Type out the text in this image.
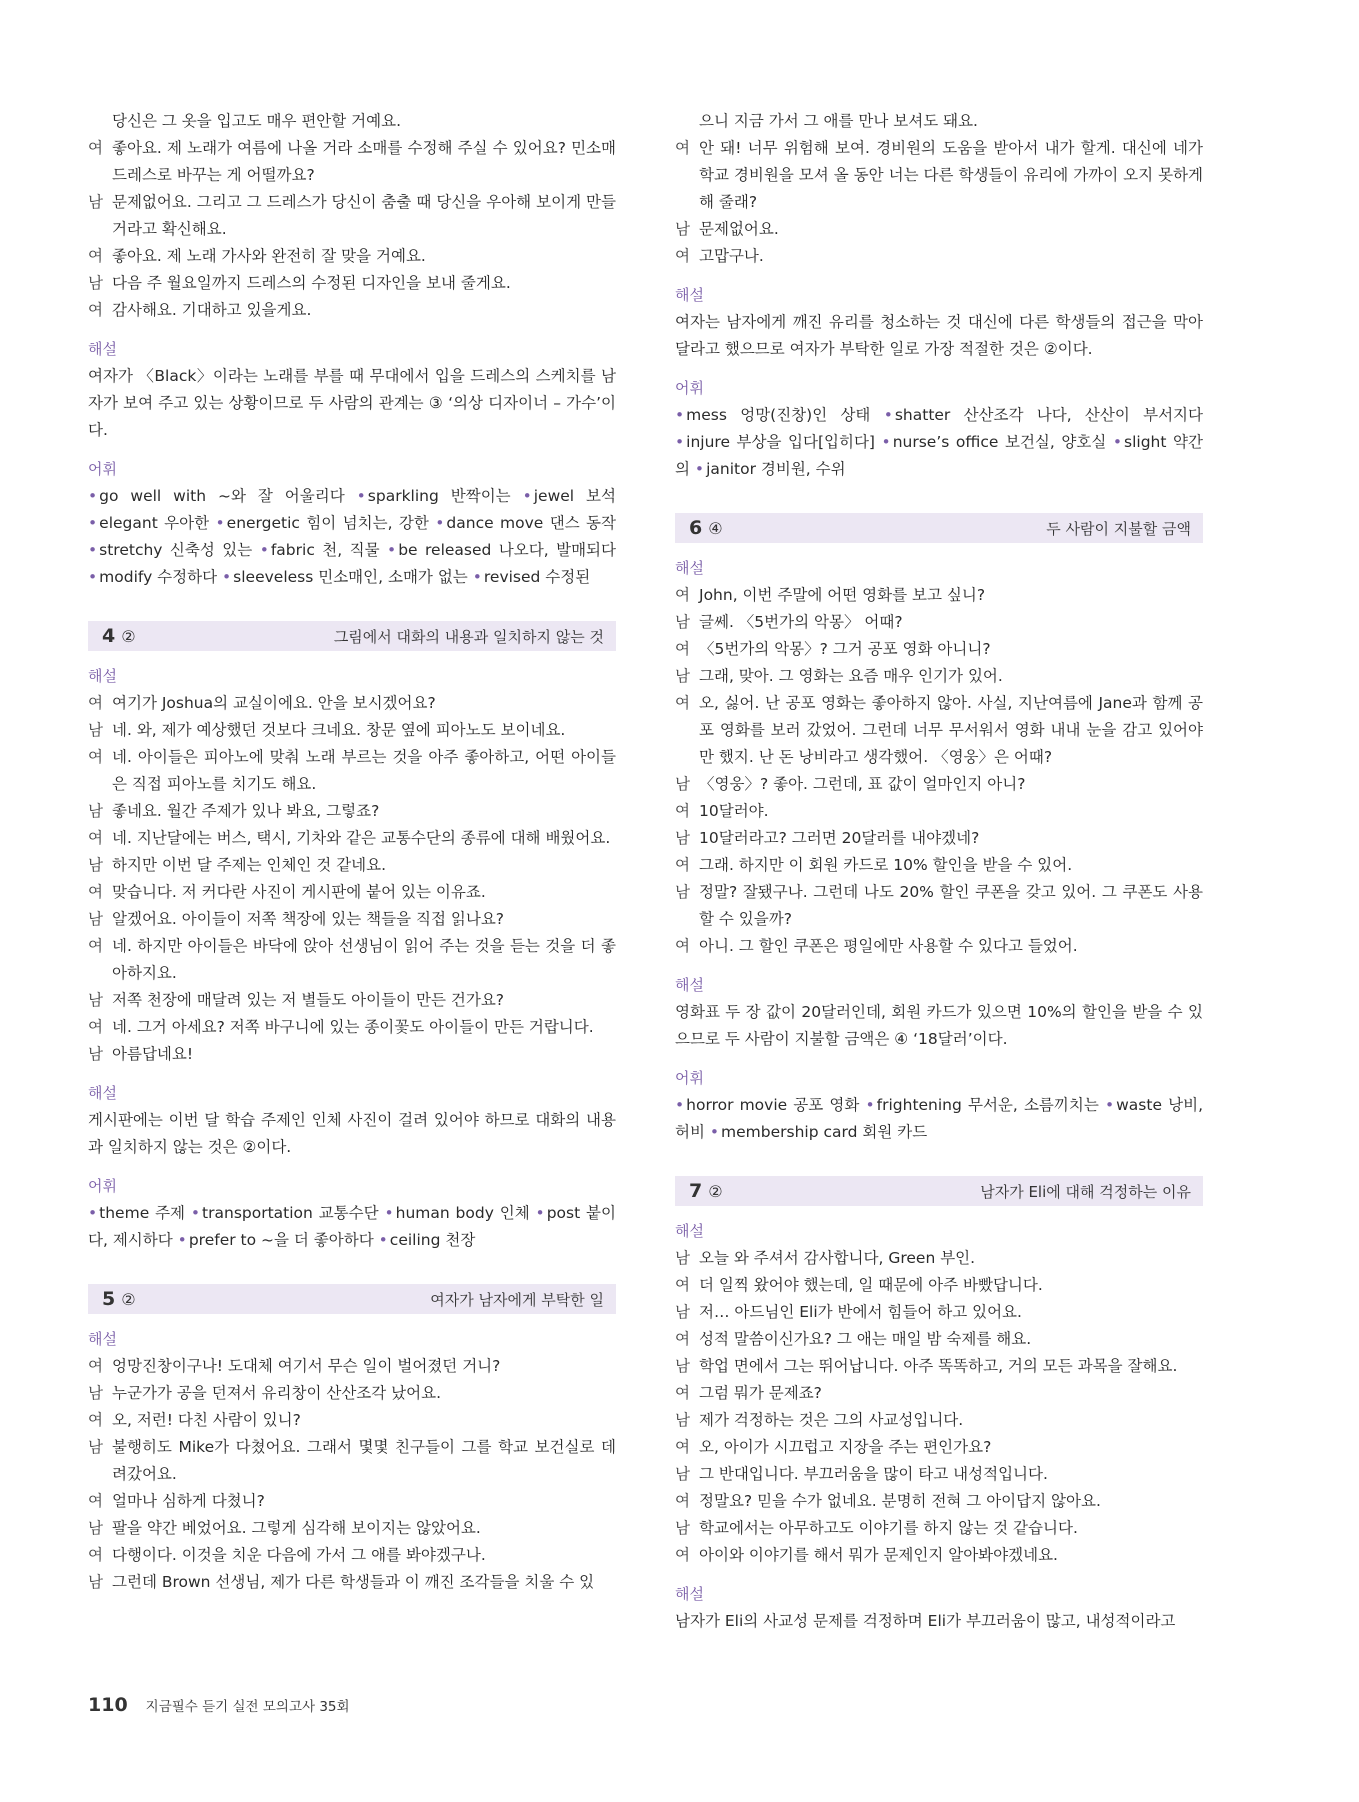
당신은 그 옷을 입고도 매우 편안할 거예요.
여 좋아요. 제 노래가 여름에 나올 거라 소매를 수정해 주실 수 있어요? 민소매 드레스로 바꾸는 게 어떨까요?
남 문제없어요. 그리고 그 드레스가 당신이 춤출 때 당신을 우아해 보이게 만들 거라고 확신해요.
여 좋아요. 제 노래 가사와 완전히 잘 맞을 거예요.
남 다음 주 월요일까지 드레스의 수정된 디자인을 보내 줄게요.
여 감사해요. 기대하고 있을게요.
해설
여자가 〈Black〉이라는 노래를 부를 때 무대에서 입을 드레스의 스케치를 남자가 보여 주고 있는 상황이므로 두 사람의 관계는 ③ ‘의상 디자이너 – 가수’이다.
어휘
• go well with ~와 잘 어울리다 • sparkling 반짝이는 • jewel 보석 • elegant 우아한 • energetic 힘이 넘치는, 강한 • dance move 댄스 동작 • stretchy 신축성 있는 • fabric 천, 직물 • be released 나오다, 발매되다 • modify 수정하다 • sleeveless 민소매인, 소매가 없는 • revised 수정된
4 ②	그림에서 대화의 내용과 일치하지 않는 것
해설
여 여기가 Joshua의 교실이에요. 안을 보시겠어요?
남 네. 와, 제가 예상했던 것보다 크네요. 창문 옆에 피아노도 보이네요.
여 네. 아이들은 피아노에 맞춰 노래 부르는 것을 아주 좋아하고, 어떤 아이들은 직접 피아노를 치기도 해요.
남 좋네요. 월간 주제가 있나 봐요, 그렇죠?
여 네. 지난달에는 버스, 택시, 기차와 같은 교통수단의 종류에 대해 배웠어요.
남 하지만 이번 달 주제는 인체인 것 같네요.
여 맞습니다. 저 커다란 사진이 게시판에 붙어 있는 이유죠.
남 알겠어요. 아이들이 저쪽 책장에 있는 책들을 직접 읽나요?
여 네. 하지만 아이들은 바닥에 앉아 선생님이 읽어 주는 것을 듣는 것을 더 좋아하지요.
남 저쪽 천장에 매달려 있는 저 별들도 아이들이 만든 건가요?
여 네. 그거 아세요? 저쪽 바구니에 있는 종이꽃도 아이들이 만든 거랍니다.
남 아름답네요!
해설
게시판에는 이번 달 학습 주제인 인체 사진이 걸려 있어야 하므로 대화의 내용과 일치하지 않는 것은 ②이다.
어휘
• theme 주제 • transportation 교통수단 • human body 인체 • post 붙이다, 제시하다 • prefer to ~을 더 좋아하다 • ceiling 천장
5 ②	여자가 남자에게 부탁한 일
해설
여 엉망진창이구나! 도대체 여기서 무슨 일이 벌어졌던 거니?
남 누군가가 공을 던져서 유리창이 산산조각 났어요.
여 오, 저런! 다친 사람이 있니?
남 불행히도 Mike가 다쳤어요. 그래서 몇몇 친구들이 그를 학교 보건실로 데려갔어요.
여 얼마나 심하게 다쳤니?
남 팔을 약간 베었어요. 그렇게 심각해 보이지는 않았어요.
여 다행이다. 이것을 치운 다음에 가서 그 애를 봐야겠구나.
남 그런데 Brown 선생님, 제가 다른 학생들과 이 깨진 조각들을 치울 수 있
으니 지금 가서 그 애를 만나 보셔도 돼요.
여 안 돼! 너무 위험해 보여. 경비원의 도움을 받아서 내가 할게. 대신에 네가 학교 경비원을 모셔 올 동안 너는 다른 학생들이 유리에 가까이 오지 못하게 해 줄래?
남 문제없어요.
여 고맙구나.
해설
여자는 남자에게 깨진 유리를 청소하는 것 대신에 다른 학생들의 접근을 막아 달라고 했으므로 여자가 부탁한 일로 가장 적절한 것은 ②이다.
어휘
• mess 엉망(진창)인 상태 • shatter 산산조각 나다, 산산이 부서지다 • injure 부상을 입다[입히다] • nurse’s office 보건실, 양호실 • slight 약간의 • janitor 경비원, 수위
6 ④	두 사람이 지불할 금액
해설
여 John, 이번 주말에 어떤 영화를 보고 싶니?
남 글쎄. 〈5번가의 악몽〉 어때?
여 〈5번가의 악몽〉? 그거 공포 영화 아니니?
남 그래, 맞아. 그 영화는 요즘 매우 인기가 있어.
여 오, 싫어. 난 공포 영화는 좋아하지 않아. 사실, 지난여름에 Jane과 함께 공포 영화를 보러 갔었어. 그런데 너무 무서워서 영화 내내 눈을 감고 있어야만 했지. 난 돈 낭비라고 생각했어. 〈영웅〉은 어때?
남 〈영웅〉? 좋아. 그런데, 표 값이 얼마인지 아니?
여 10달러야.
남 10달러라고? 그러면 20달러를 내야겠네?
여 그래. 하지만 이 회원 카드로 10% 할인을 받을 수 있어.
남 정말? 잘됐구나. 그런데 나도 20% 할인 쿠폰을 갖고 있어. 그 쿠폰도 사용할 수 있을까?
여 아니. 그 할인 쿠폰은 평일에만 사용할 수 있다고 들었어.
해설
영화표 두 장 값이 20달러인데, 회원 카드가 있으면 10%의 할인을 받을 수 있으므로 두 사람이 지불할 금액은 ④ ‘18달러’이다.
어휘
• horror movie 공포 영화 • frightening 무서운, 소름끼치는 • waste 낭비, 허비 • membership card 회원 카드
7 ②	남자가 Eli에 대해 걱정하는 이유
해설
남 오늘 와 주셔서 감사합니다, Green 부인.
여 더 일찍 왔어야 했는데, 일 때문에 아주 바빴답니다.
남 저… 아드님인 Eli가 반에서 힘들어 하고 있어요.
여 성적 말씀이신가요? 그 애는 매일 밤 숙제를 해요.
남 학업 면에서 그는 뛰어납니다. 아주 똑똑하고, 거의 모든 과목을 잘해요.
여 그럼 뭐가 문제죠?
남 제가 걱정하는 것은 그의 사교성입니다.
여 오, 아이가 시끄럽고 지장을 주는 편인가요?
남 그 반대입니다. 부끄러움을 많이 타고 내성적입니다.
여 정말요? 믿을 수가 없네요. 분명히 전혀 그 아이답지 않아요.
남 학교에서는 아무하고도 이야기를 하지 않는 것 같습니다.
여 아이와 이야기를 해서 뭐가 문제인지 알아봐야겠네요.
해설
남자가 Eli의 사교성 문제를 걱정하며 Eli가 부끄러움이 많고, 내성적이라고
110 지금필수 듣기 실전 모의고사 35회
